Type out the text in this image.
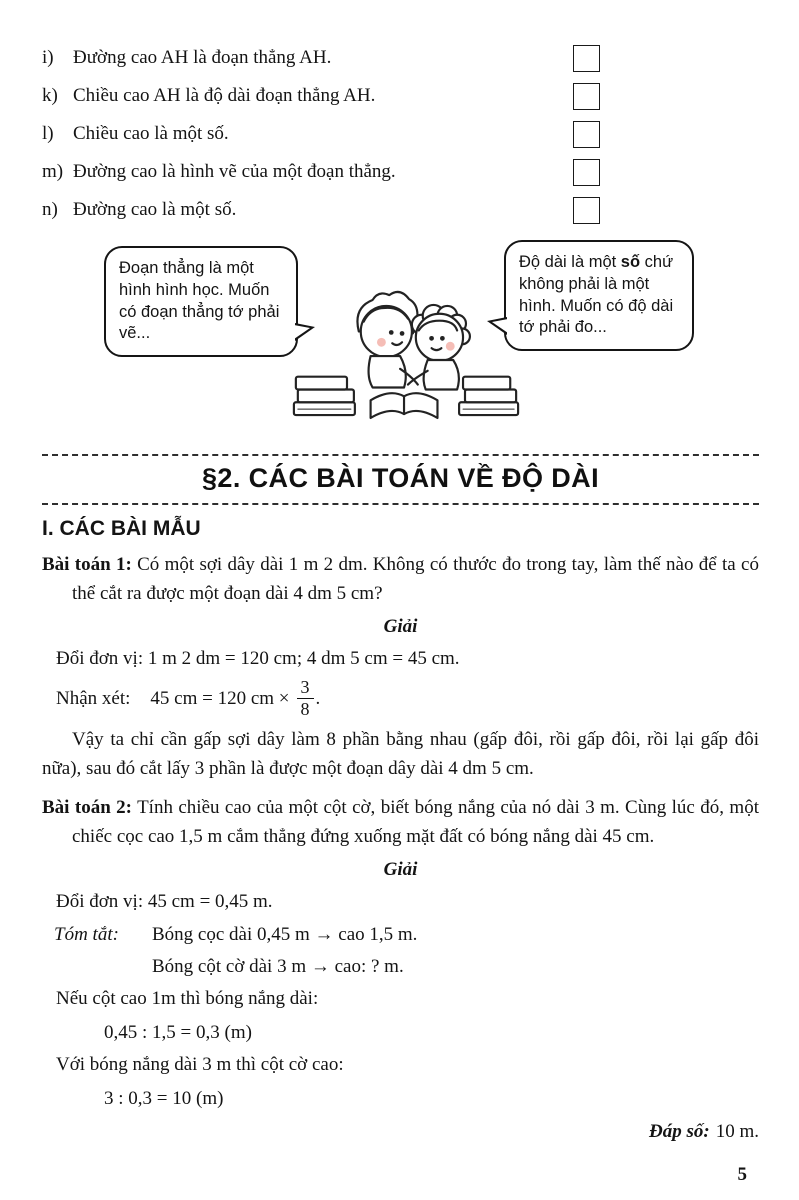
i) Đường cao AH là đoạn thẳng AH.
k) Chiều cao AH là độ dài đoạn thẳng AH.
l) Chiều cao là một số.
m) Đường cao là hình vẽ của một đoạn thẳng.
n) Đường cao là một số.
Đoạn thẳng là một hình hình học. Muốn có đoạn thẳng tớ phải vẽ...
Độ dài là một số chứ không phải là một hình. Muốn có độ dài tớ phải đo...
§2. CÁC BÀI TOÁN VỀ ĐỘ DÀI
I. CÁC BÀI MẪU

Bài toán 1: Có một sợi dây dài 1 m 2 dm. Không có thước đo trong tay, làm thế nào để ta có thể cắt ra được một đoạn dài 4 dm 5 cm?

Giải

Đổi đơn vị: 1 m 2 dm = 120 cm; 4 dm 5 cm = 45 cm.

Nhận xét: 45 cm = 120 cm × $\frac{3}{8}$ .

Vậy ta chỉ cần gấp sợi dây làm 8 phần bằng nhau (gấp đôi, rồi gấp đôi, rồi lại gấp đôi nữa), sau đó cắt lấy 3 phần là được một đoạn dây dài 4 dm 5 cm.

Bài toán 2: Tính chiều cao của một cột cờ, biết bóng nắng của nó dài 3 m. Cùng lúc đó, một chiếc cọc cao 1,5 m cắm thẳng đứng xuống mặt đất có bóng nắng dài 45 cm.

Giải

Đổi đơn vị: 45 cm = 0,45 m.

Tóm tắt:	Bóng cọc dài 0,45 m → cao 1,5 m.

Bóng cột cờ dài 3 m → cao: ? m.

Nếu cột cao 1m thì bóng nắng dài:

0,45 : 1,5 = 0,3 (m)

Với bóng nắng dài 3 m thì cột cờ cao:

3 : 0,3 = 10 (m)

Đáp số: 10 m.

5
